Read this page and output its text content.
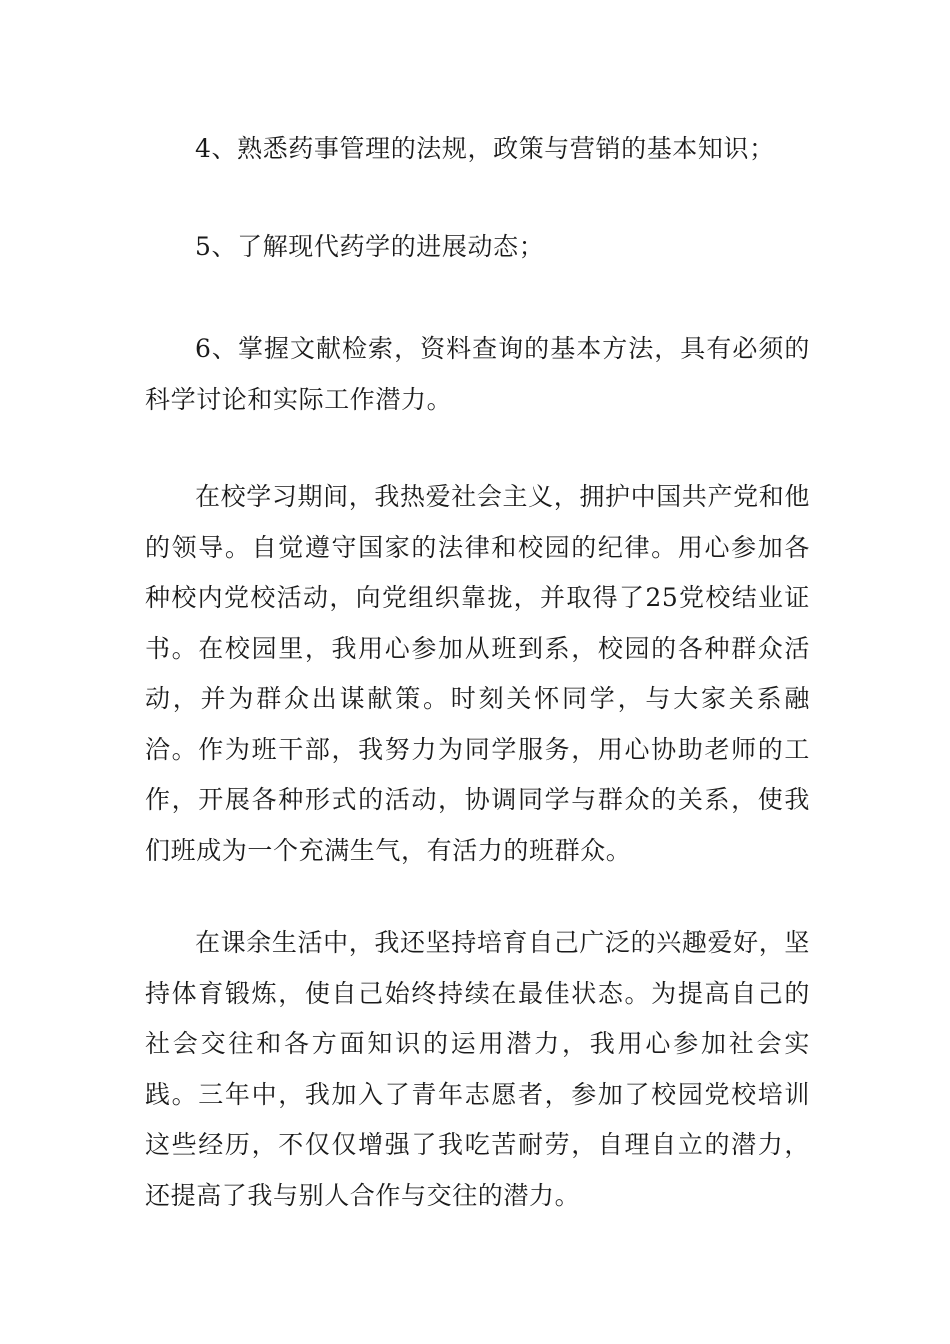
4、熟悉药事管理的法规，政策与营销的基本知识；

5、了解现代药学的进展动态；

6、掌握文献检索，资料查询的基本方法，具有必须的科学讨论和实际工作潜力。

在校学习期间，我热爱社会主义，拥护中国共产党和他的领导。自觉遵守国家的法律和校园的纪律。用心参加各种校内党校活动，向党组织靠拢，并取得了25党校结业证书。在校园里，我用心参加从班到系，校园的各种群众活动，并为群众出谋献策。时刻关怀同学，与大家关系融洽。作为班干部，我努力为同学服务，用心协助老师的工作，开展各种形式的活动，协调同学与群众的关系，使我们班成为一个充满生气，有活力的班群众。

在课余生活中，我还坚持培育自己广泛的兴趣爱好，坚持体育锻炼，使自己始终持续在最佳状态。为提高自己的社会交往和各方面知识的运用潜力，我用心参加社会实践。三年中，我加入了青年志愿者，参加了校园党校培训这些经历，不仅仅增强了我吃苦耐劳，自理自立的潜力，还提高了我与别人合作与交往的潜力。
